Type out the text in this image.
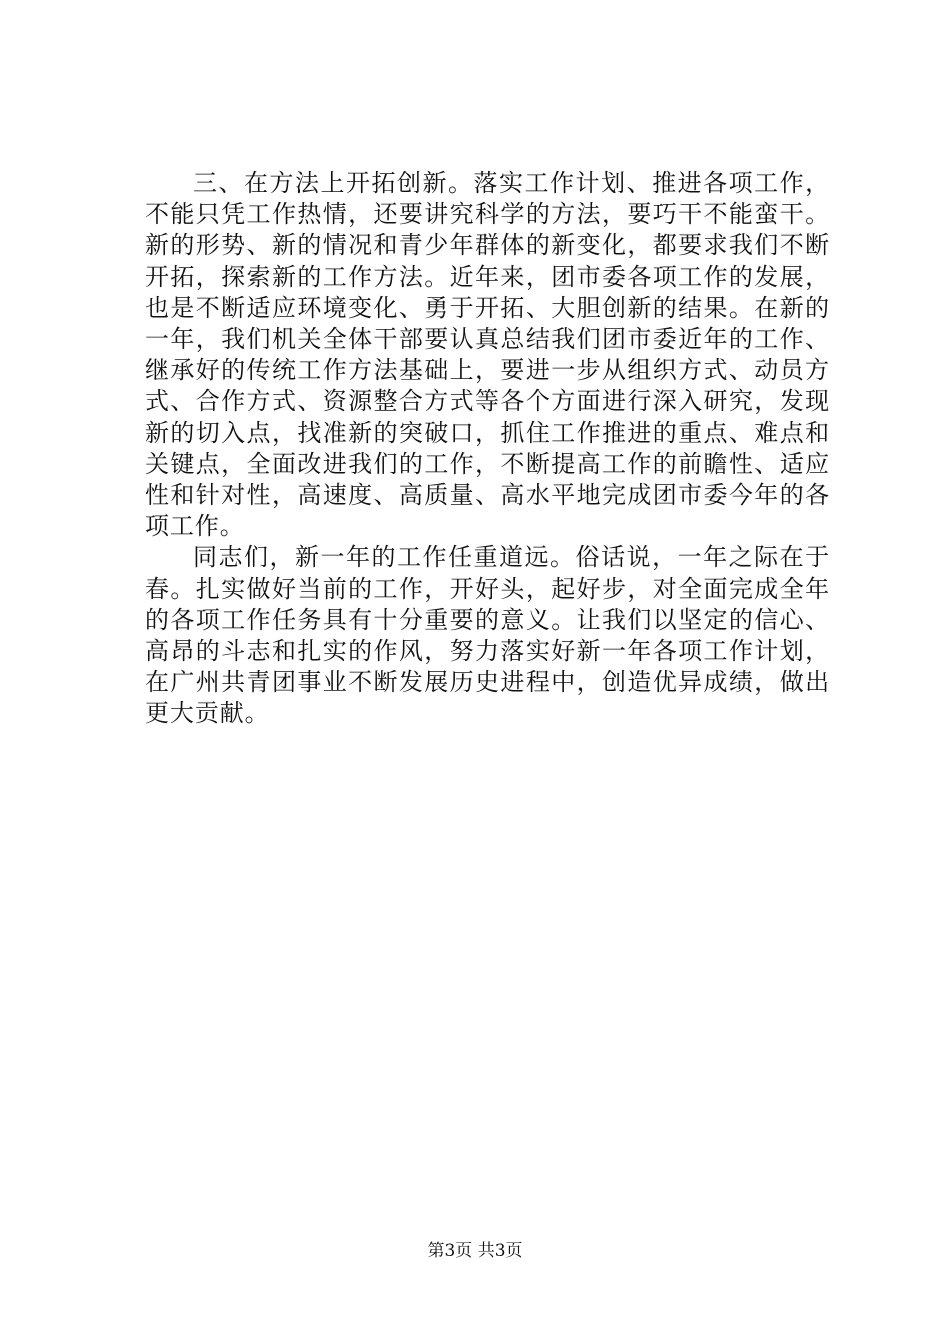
三、在方法上开拓创新。落实工作计划、推进各项工作，不能只凭工作热情，还要讲究科学的方法，要巧干不能蛮干。新的形势、新的情况和青少年群体的新变化，都要求我们不断开拓，探索新的工作方法。近年来，团市委各项工作的发展，也是不断适应环境变化、勇于开拓、大胆创新的结果。在新的一年，我们机关全体干部要认真总结我们团市委近年的工作、继承好的传统工作方法基础上，要进一步从组织方式、动员方式、合作方式、资源整合方式等各个方面进行深入研究，发现新的切入点，找准新的突破口，抓住工作推进的重点、难点和关键点，全面改进我们的工作，不断提高工作的前瞻性、适应性和针对性，高速度、高质量、高水平地完成团市委今年的各项工作。

同志们，新一年的工作任重道远。俗话说，一年之际在于春。扎实做好当前的工作，开好头，起好步，对全面完成全年的各项工作任务具有十分重要的意义。让我们以坚定的信心、高昂的斗志和扎实的作风，努力落实好新一年各项工作计划，在广州共青团事业不断发展历史进程中，创造优异成绩，做出更大贡献。

第3页 共3页
